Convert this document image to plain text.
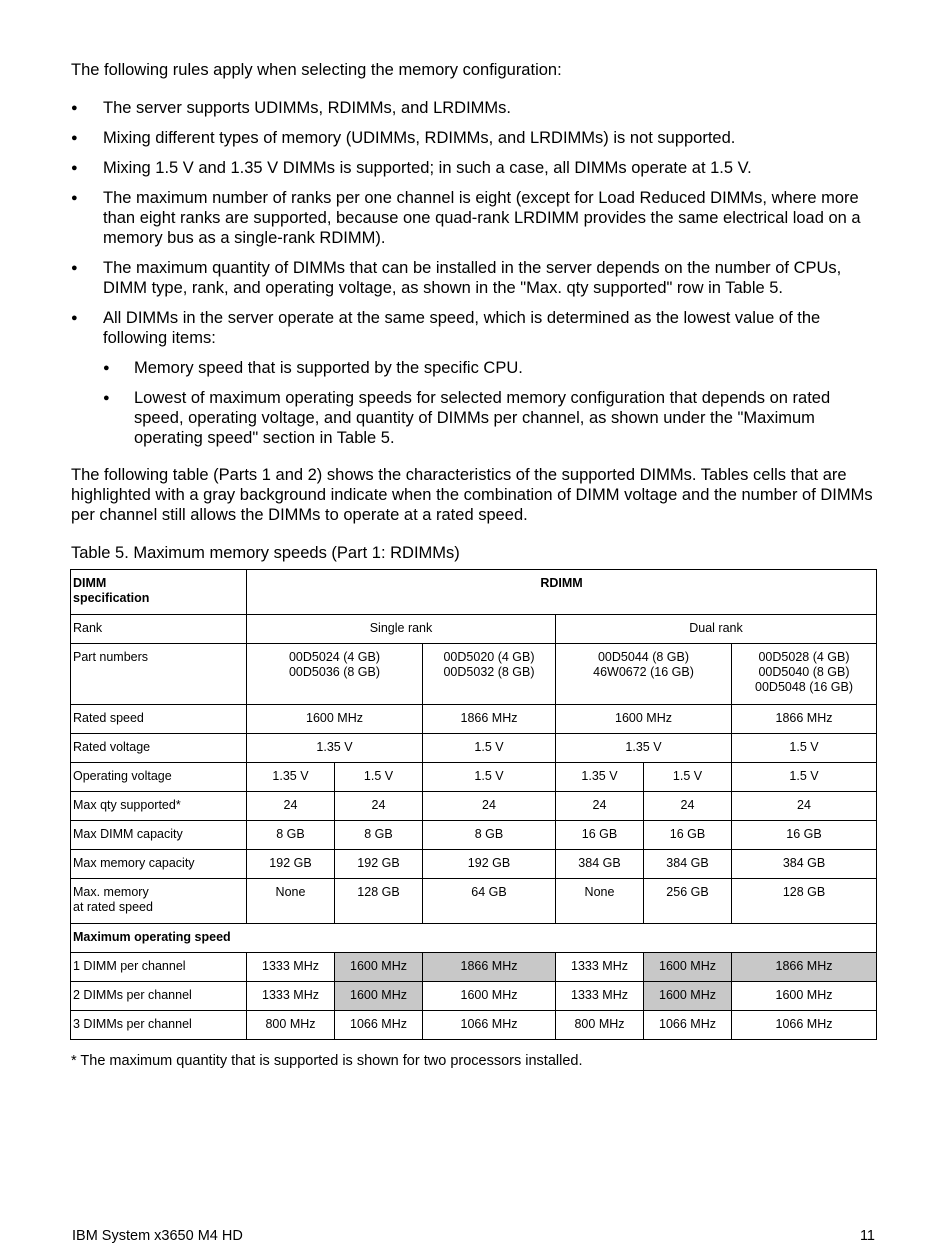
The following rules apply when selecting the memory configuration:

● The server supports UDIMMs, RDIMMs, and LRDIMMs.
● Mixing different types of memory (UDIMMs, RDIMMs, and LRDIMMs) is not supported.
● Mixing 1.5 V and 1.35 V DIMMs is supported; in such a case, all DIMMs operate at 1.5 V.
● The maximum number of ranks per one channel is eight (except for Load Reduced DIMMs, where more than eight ranks are supported, because one quad-rank LRDIMM provides the same electrical load on a memory bus as a single-rank RDIMM).
● The maximum quantity of DIMMs that can be installed in the server depends on the number of CPUs, DIMM type, rank, and operating voltage, as shown in the "Max. qty supported" row in Table 5.
● All DIMMs in the server operate at the same speed, which is determined as the lowest value of the following items:
● Memory speed that is supported by the specific CPU.
● Lowest of maximum operating speeds for selected memory configuration that depends on rated speed, operating voltage, and quantity of DIMMs per channel, as shown under the "Maximum operating speed" section in Table 5.

The following table (Parts 1 and 2) shows the characteristics of the supported DIMMs. Tables cells that are highlighted with a gray background indicate when the combination of DIMM voltage and the number of DIMMs per channel still allows the DIMMs to operate at a rated speed.

Table 5. Maximum memory speeds (Part 1: RDIMMs)

DIMM
specification	RDIMM					
Rank	Single rank			Dual rank		
Part numbers	00D5024 (4 GB)
00D5036 (8 GB)		00D5020 (4 GB)
00D5032 (8 GB)	00D5044 (8 GB)
46W0672 (16 GB)		00D5028 (4 GB)
00D5040 (8 GB)
00D5048 (16 GB)
Rated speed	1600 MHz		1866 MHz	1600 MHz		1866 MHz
Rated voltage	1.35 V		1.5 V	1.35 V		1.5 V
Operating voltage	1.35 V	1.5 V	1.5 V	1.35 V	1.5 V	1.5 V
Max qty supported*	24	24	24	24	24	24
Max DIMM capacity	8 GB	8 GB	8 GB	16 GB	16 GB	16 GB
Max memory capacity	192 GB	192 GB	192 GB	384 GB	384 GB	384 GB
Max. memory
at rated speed	None	128 GB	64 GB	None	256 GB	128 GB
Maximum operating speed						
1 DIMM per channel	1333 MHz	1600 MHz	1866 MHz	1333 MHz	1600 MHz	1866 MHz
2 DIMMs per channel	1333 MHz	1600 MHz	1600 MHz	1333 MHz	1600 MHz	1600 MHz
3 DIMMs per channel	800 MHz	1066 MHz	1066 MHz	800 MHz	1066 MHz	1066 MHz

* The maximum quantity that is supported is shown for two processors installed.

IBM System x3650 M4 HD	11
